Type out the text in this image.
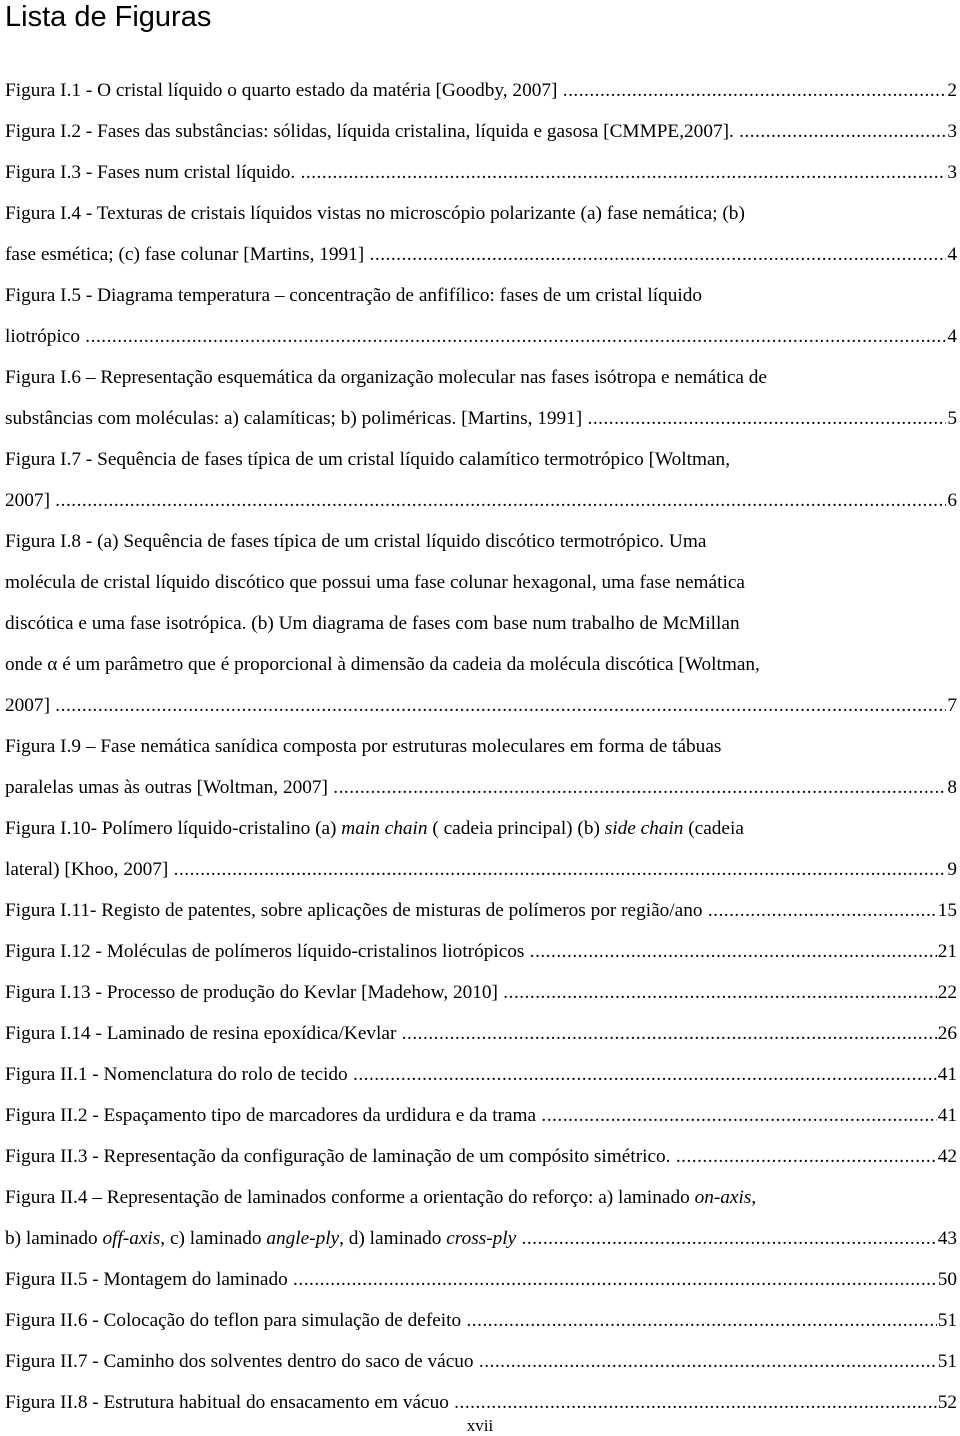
Lista de Figuras

Figura I.1 - O cristal líquido o quarto estado da matéria [Goodby, 2007] .....	2

Figura I.2 - Fases das substâncias: sólidas, líquida cristalina, líquida e gasosa [CMMPE,2007]. .....	3

Figura I.3 - Fases num cristal líquido. .....	3

Figura I.4 - Texturas de cristais líquidos vistas no microscópio polarizante (a) fase nemática; (b)

fase esmética; (c) fase colunar [Martins, 1991] .....	4

Figura I.5 - Diagrama temperatura – concentração de anfifílico: fases de um cristal líquido

liotrópico .....	4

Figura I.6 – Representação esquemática da organização molecular nas fases isótropa e nemática de

substâncias com moléculas: a) calamíticas; b) poliméricas. [Martins, 1991] .....	5

Figura I.7 - Sequência de fases típica de um cristal líquido calamítico termotrópico [Woltman,

2007] .....	6

Figura I.8 - (a) Sequência de fases típica de um cristal líquido discótico termotrópico. Uma

molécula de cristal líquido discótico que possui uma fase colunar hexagonal, uma fase nemática

discótica e uma fase isotrópica. (b) Um diagrama de fases com base num trabalho de McMillan

onde α é um parâmetro que é proporcional à dimensão da cadeia da molécula discótica [Woltman,

2007] .....	7

Figura I.9 – Fase nemática sanídica composta por estruturas moleculares em forma de tábuas

paralelas umas às outras [Woltman, 2007] .....	8

Figura I.10- Polímero líquido-cristalino (a) main chain ( cadeia principal) (b) side chain (cadeia

lateral) [Khoo, 2007] .....	9

Figura I.11- Registo de patentes, sobre aplicações de misturas de polímeros por região/ano .....	15

Figura I.12 - Moléculas de polímeros líquido-cristalinos liotrópicos .....	21

Figura I.13 - Processo de produção do Kevlar [Madehow, 2010] .....	22

Figura I.14 - Laminado de resina epoxídica/Kevlar .....	26

Figura II.1 - Nomenclatura do rolo de tecido .....	41

Figura II.2 - Espaçamento tipo de marcadores da urdidura e da trama .....	41

Figura II.3 - Representação da configuração de laminação de um compósito simétrico. .....	42

Figura II.4 – Representação de laminados conforme a orientação do reforço: a) laminado on-axis,

b) laminado off-axis, c) laminado angle-ply, d) laminado cross-ply .....	43

Figura II.5 - Montagem do laminado .....	50

Figura II.6 - Colocação do teflon para simulação de defeito .....	51

Figura II.7 - Caminho dos solventes dentro do saco de vácuo .....	51

Figura II.8 - Estrutura habitual do ensacamento em vácuo .....	52
xvii
